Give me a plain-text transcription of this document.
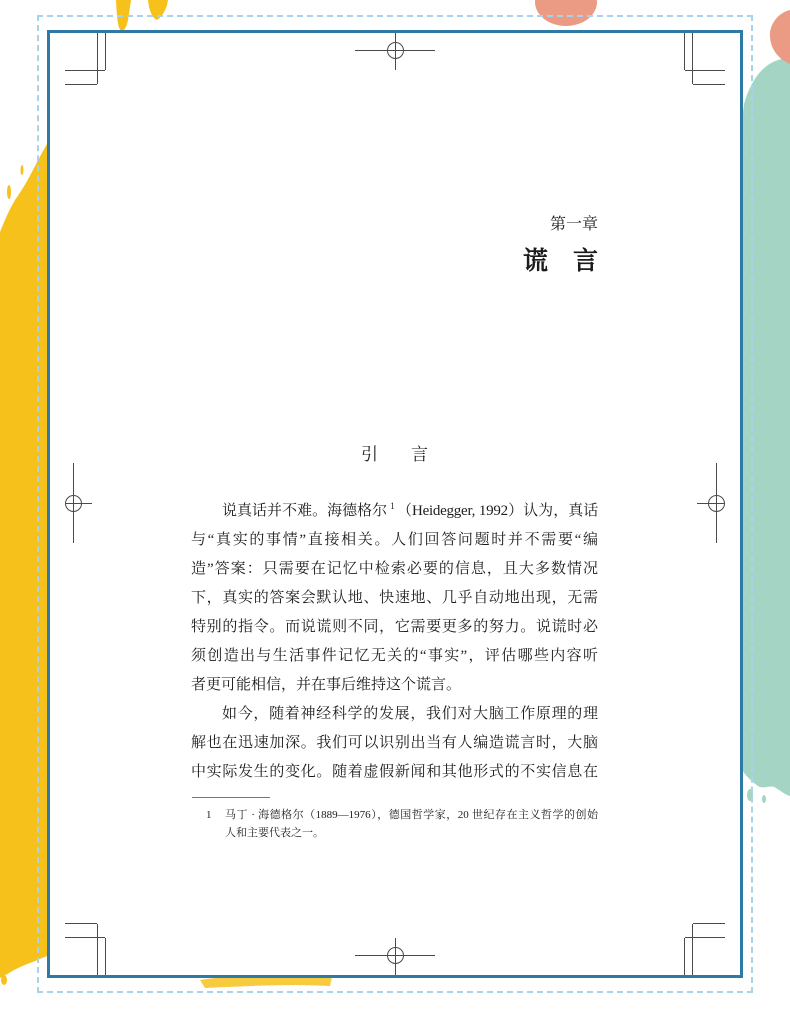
第一章
谎　言
引　言
说真话并不难。海德格尔 $^1$ （Heidegger, 1992）认为，真话
与“真实的事情”直接相关。人们回答问题时并不需要“编
造”答案：只需要在记忆中检索必要的信息，且大多数情况
下，真实的答案会默认地、快速地、几乎自动地出现，无需
特别的指令。而说谎则不同，它需要更多的努力。说谎时必
须创造出与生活事件记忆无关的“事实”，评估哪些内容听
者更可能相信，并在事后维持这个谎言。
如今，随着神经科学的发展，我们对大脑工作原理的理
解也在迅速加深。我们可以识别出当有人编造谎言时，大脑
中实际发生的变化。随着虚假新闻和其他形式的不实信息在
1 马丁 · 海德格尔（1889—1976），德国哲学家，20 世纪存在主义哲学的创始
人和主要代表之一。
